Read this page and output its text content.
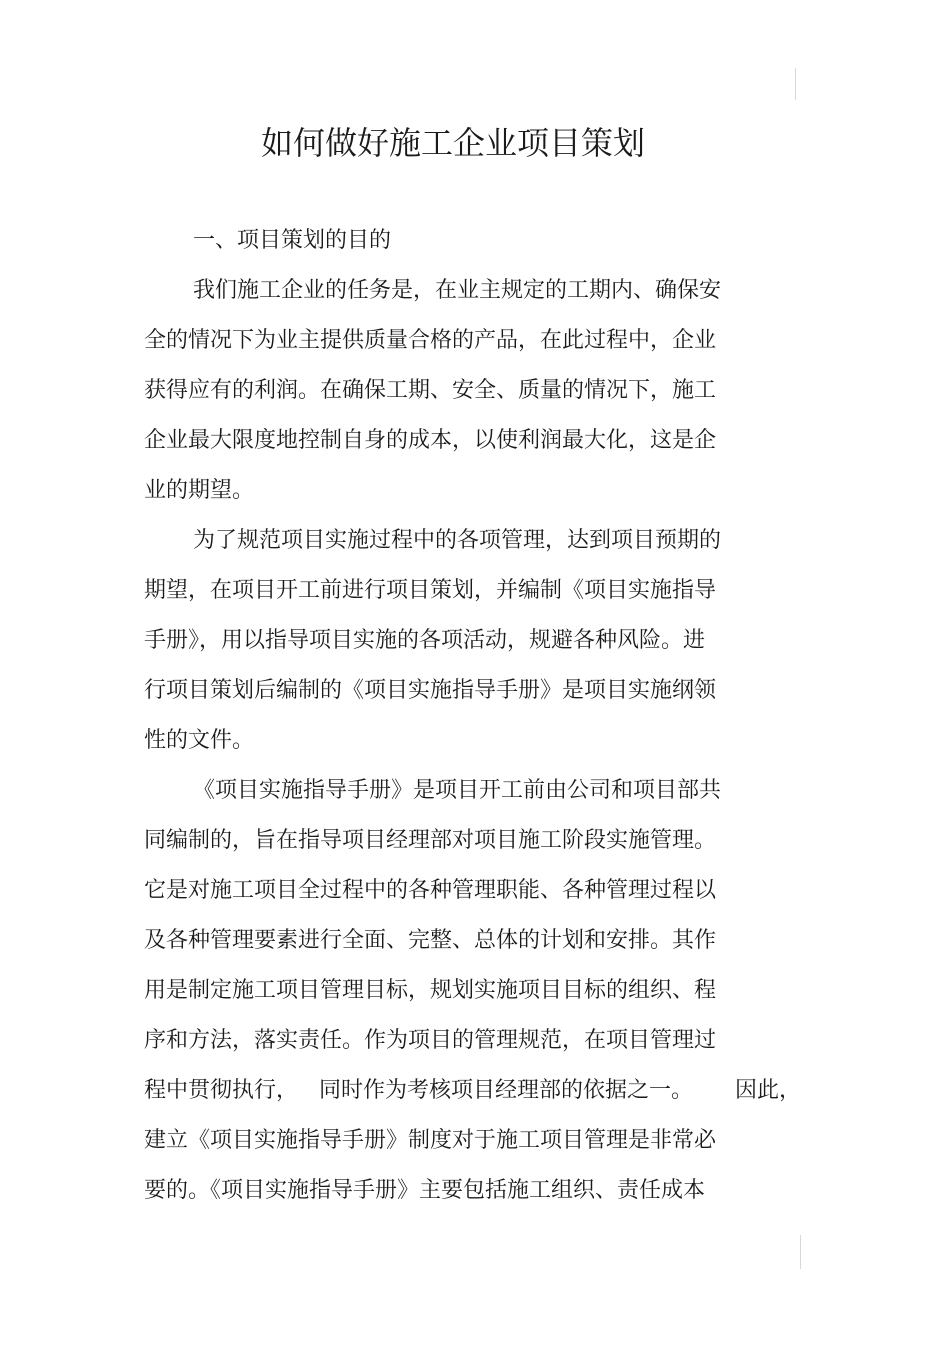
如何做好施工企业项目策划

一、项目策划的目的

我们施工企业的任务是，在业主规定的工期内、确保安

全的情况下为业主提供质量合格的产品，在此过程中，企业

获得应有的利润。在确保工期、安全、质量的情况下，施工

企业最大限度地控制自身的成本，以使利润最大化，这是企

业的期望。

为了规范项目实施过程中的各项管理，达到项目预期的

期望，在项目开工前进行项目策划，并编制《项目实施指导

手册》，用以指导项目实施的各项活动，规避各种风险。进

行项目策划后编制的《项目实施指导手册》是项目实施纲领

性的文件。

《项目实施指导手册》是项目开工前由公司和项目部共

同编制的，旨在指导项目经理部对项目施工阶段实施管理。

它是对施工项目全过程中的各种管理职能、各种管理过程以

及各种管理要素进行全面、完整、总体的计划和安排。其作

用是制定施工项目管理目标，规划实施项目目标的组织、程

序和方法，落实责任。作为项目的管理规范，在项目管理过

程中贯彻执行，   同时作为考核项目经理部的依据之一。      因此，

建立《项目实施指导手册》制度对于施工项目管理是非常必

要的。《项目实施指导手册》主要包括施工组织、责任成本
